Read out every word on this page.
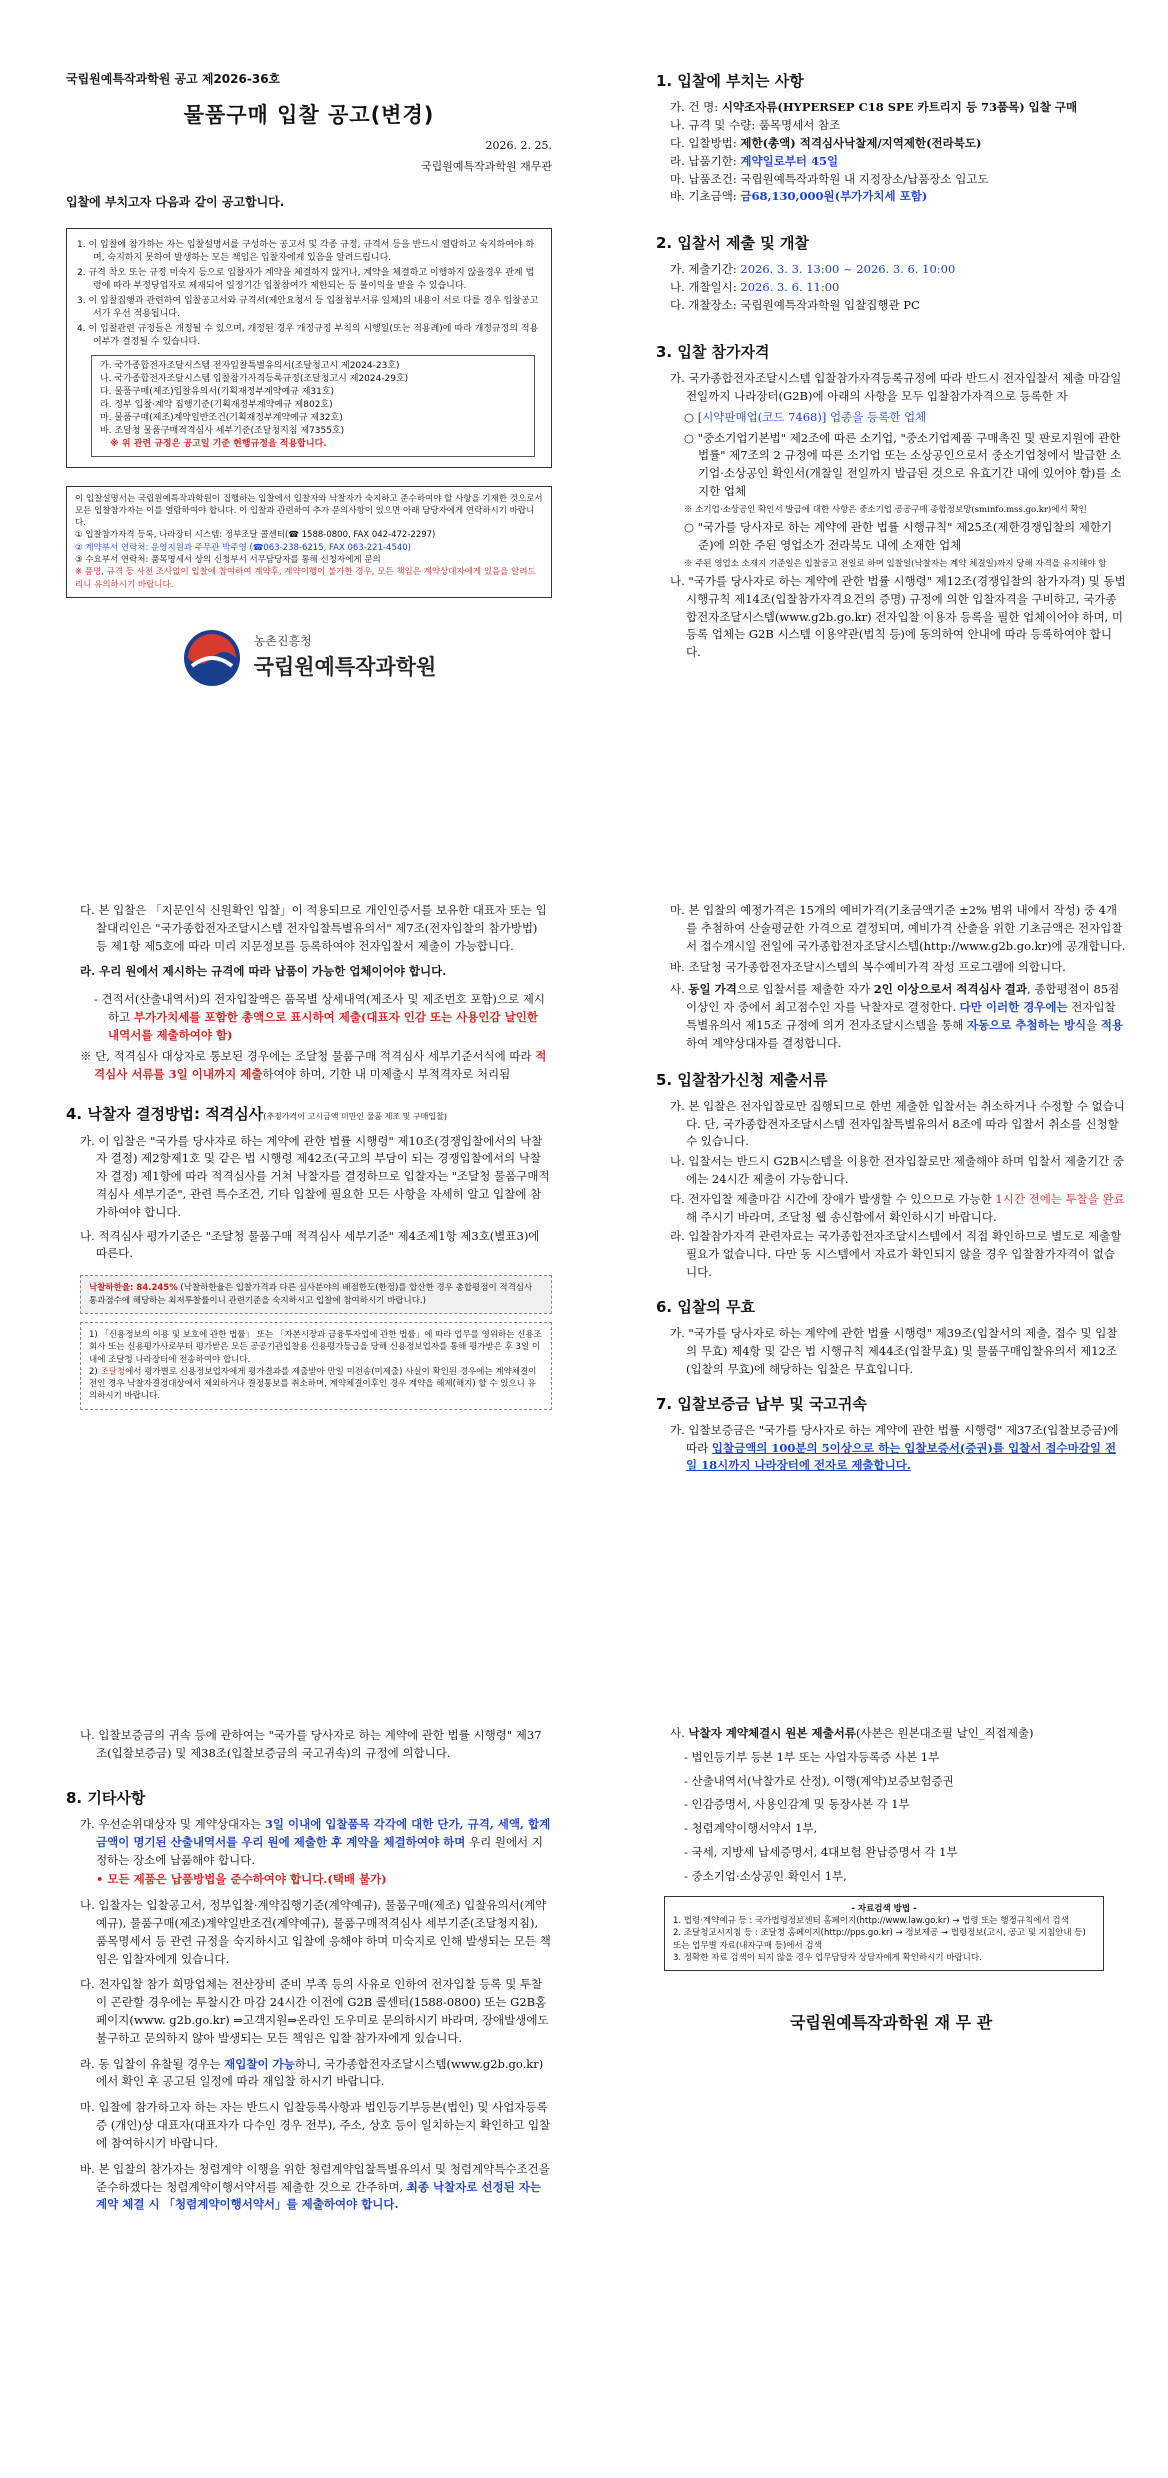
국립원예특작과학원 공고 제2026-36호

물품구매 입찰 공고(변경)

2026. 2. 25.

국립원예특작과학원 재무관

입찰에 부치고자 다음과 같이 공고합니다.

1. 이 입찰에 참가하는 자는 입찰설명서를 구성하는 공고서 및 각종 규정, 규격서 등을 반드시 열람하고 숙지하여야 하며, 숙지하지 못하여 발생하는 모든 책임은 입찰자에게 있음을 알려드립니다.

2. 규격 착오 또는 규정 미숙지 등으로 입찰자가 계약을 체결하지 않거나, 계약을 체결하고 이행하지 않을경우 관계 법령에 따라 부정당업자로 제재되어 일정기간 입찰참여가 제한되는 등 불이익을 받을 수 있습니다.

3. 이 입찰집행과 관련하여 입찰공고서와 규격서(제안요청서 등 입찰첨부서류 일체)의 내용이 서로 다를 경우 입찰공고서가 우선 적용됩니다.

4. 이 입찰관련 규정들은 개정될 수 있으며, 개정된 경우 개정규정 부칙의 시행일(또는 적용례)에 따라 개정규정의 적용 여부가 결정될 수 있습니다.

가. 국가종합전자조달시스템 전자입찰특별유의서(조달청고시 제2024-23호)

나. 국가종합전자조달시스템 입찰참가자격등록규정(조달청고시 제2024-29호)

다. 물품구매(제조)입찰유의서(기획재정부계약예규 제31호)

라. 정부 입찰·계약 집행기준(기획재정부계약예규 제802호)

마. 물품구매(제조)계약일반조건(기획재정부계약예규 제32호)

바. 조달청 물품구매적격심사 세부기준(조달청지침 제7355호)

※ 위 관련 규정은 공고일 기준 현행규정을 적용합니다.

이 입찰설명서는 국립원예특작과학원이 집행하는 입찰에서 입찰자와 낙찰자가 숙지하고 준수하여야 할 사항을 기재한 것으로서 모든 입찰참가자는 이를 열람하여야 합니다. 이 입찰과 관련하여 추가 문의사항이 있으면 아래 담당자에게 연락하시기 바랍니다.

① 입찰참가자격 등록, 나라장터 시스템: 정부조달 콜센터(☎ 1588-0800, FAX 042-472-2297)

② 계약부서 연락처: 운영지원과 주무관 박주영 (☎063-238-6215, FAX 063-221-4540)

③ 수요부서 연락처: 품목명세서 상의 신청부서 서무담당자를 통해 신청자에게 문의

※ 품명, 규격 등 사전 조사없이 입찰에 참여하여 계약후, 계약이행이 불가한 경우, 모든 책임은 계약상대자에게 있음을 알려드리니 유의하시기 바랍니다.

농촌진흥청

국립원예특작과학원

1. 입찰에 부치는 사항

가. 건 명: 시약조자류(HYPERSEP C18 SPE 카트리지 등 73품목) 입찰 구매

나. 규격 및 수량: 품목명세서 참조

다. 입찰방법: 제한(총액) 적격심사낙찰제/지역제한(전라북도)

라. 납품기한: 계약일로부터 45일

마. 납품조건: 국립원예특작과학원 내 지정장소/납품장소 입고도

바. 기초금액: 금68,130,000원(부가가치세 포함)

2. 입찰서 제출 및 개찰

가. 제출기간: 2026. 3. 3. 13:00 ~ 2026. 3. 6. 10:00

나. 개찰일시: 2026. 3. 6. 11:00

다. 개찰장소: 국립원예특작과학원 입찰집행관 PC

3. 입찰 참가자격

가. 국가종합전자조달시스템 입찰참가자격등록규정에 따라 반드시 전자입찰서 제출 마감일 전일까지 나라장터(G2B)에 아래의 사항을 모두 입찰참가자격으로 등록한 자

○ [시약판매업(코드 7468)] 업종을 등록한 업체

○ "중소기업기본법" 제2조에 따른 소기업, "중소기업제품 구매촉진 및 판로지원에 관한 법률" 제7조의 2 규정에 따른 소기업 또는 소상공인으로서 중소기업청에서 발급한 소기업·소상공인 확인서(개찰일 전일까지 발급된 것으로 유효기간 내에 있어야 함)를 소지한 업체

※ 소기업·소상공인 확인서 발급에 대한 사항은 중소기업 공공구매 종합정보망(sminfo.mss.go.kr)에서 확인

○ "국가를 당사자로 하는 계약에 관한 법률 시행규칙" 제25조(제한경쟁입찰의 제한기준)에 의한 주된 영업소가 전라북도 내에 소재한 업체

※ 주된 영업소 소재지 기준일은 입찰공고 전일로 하며 입찰일(낙찰자는 계약 체결일)까지 당해 자격을 유지해야 함

나. "국가를 당사자로 하는 계약에 관한 법률 시행령" 제12조(경쟁입찰의 참가자격) 및 동법 시행규칙 제14조(입찰참가자격요건의 증명) 규정에 의한 입찰자격을 구비하고, 국가종합전자조달시스템(www.g2b.go.kr) 전자입찰 이용자 등록을 필한 업체이어야 하며, 미등록 업체는 G2B 시스템 이용약관(법칙 등)에 동의하여 안내에 따라 등록하여야 합니다.

다. 본 입찰은 「지문인식 신원확인 입찰」이 적용되므로 개인인증서를 보유한 대표자 또는 입찰대리인은 "국가종합전자조달시스템 전자입찰특별유의서" 제7조(전자입찰의 참가방법) 등 제1항 제5호에 따라 미리 지문정보를 등록하여야 전자입찰서 제출이 가능합니다.

라. 우리 원에서 제시하는 규격에 따라 납품이 가능한 업체이어야 합니다.

- 견적서(산출내역서)의 전자입찰액은 품목별 상세내역(제조사 및 제조번호 포함)으로 제시하고 부가가치세를 포함한 총액으로 표시하여 제출(대표자 인감 또는 사용인감 날인한 내역서를 제출하여야 함)

※ 단, 적격심사 대상자로 통보된 경우에는 조달청 물품구매 적격심사 세부기준서식에 따라 적격심사 서류를 3일 이내까지 제출하여야 하며, 기한 내 미제출시 부적격자로 처리됨

4. 낙찰자 결정방법: 적격심사(추정가격이 고시금액 미만인 물품 제조 및 구매입찰)

가. 이 입찰은 "국가를 당사자로 하는 계약에 관한 법률 시행령" 제10조(경쟁입찰에서의 낙찰자 결정) 제2항제1호 및 같은 법 시행령 제42조(국고의 부담이 되는 경쟁입찰에서의 낙찰자 결정) 제1항에 따라 적격심사를 거쳐 낙찰자를 결정하므로 입찰자는 "조달청 물품구매적격심사 세부기준", 관련 특수조건, 기타 입찰에 필요한 모든 사항을 자세히 알고 입찰에 참가하여야 합니다.

나. 적격심사 평가기준은 "조달청 물품구매 적격심사 세부기준" 제4조제1항 제3호(별표3)에 따른다.

낙찰하한율: 84.245% (낙찰하한율은 입찰가격과 다른 심사분야의 배점한도(한정)를 합산한 경우 총합평점이 적격심사 통과점수에 해당하는 최저투찰률이니 관련기준을 숙지하시고 입찰에 참여하시기 바랍니다.)

1) 「신용정보의 이용 및 보호에 관한 법률」 또는 「자본시장과 금융투자업에 관한 법률」에 따라 업무를 영위하는 신용조회사 또는 신용평가사로부터 평가받은 모든 공공기관입찰용 신용평가등급을 당해 신용정보업자를 통해 평가받은 후 3일 이내에 조달청 나라장터에 전송하여야 합니다.

2) 조달청에서 평가별로 신용정보업자에게 평가결과를 제출받아 만일 미전송(미제출) 사실이 확인된 경우에는 계약체결이전인 경우 낙찰자결정대상에서 제외하거나 결정통보를 취소하며, 계약체결이후인 경우 계약을 해제(해지) 할 수 있으니 유의하시기 바랍니다.

마. 본 입찰의 예정가격은 15개의 예비가격(기초금액기준 ±2% 범위 내에서 작성) 중 4개를 추첨하여 산술평균한 가격으로 결정되며, 예비가격 산출을 위한 기초금액은 전자입찰서 접수개시일 전일에 국가종합전자조달시스템(http://www.g2b.go.kr)에 공개합니다.

바. 조달청 국가종합전자조달시스템의 복수예비가격 작성 프로그램에 의합니다.

사. 동일 가격으로 입찰서를 제출한 자가 2인 이상으로서 적격심사 결과, 종합평점이 85점 이상인 자 중에서 최고점수인 자를 낙찰자로 결정한다. 다만 이러한 경우에는 전자입찰특별유의서 제15조 규정에 의거 전자조달시스템을 통해 자동으로 추첨하는 방식을 적용하여 계약상대자를 결정합니다.

5. 입찰참가신청 제출서류

가. 본 입찰은 전자입찰로만 집행되므로 한번 제출한 입찰서는 취소하거나 수정할 수 없습니다. 단, 국가종합전자조달시스템 전자입찰특별유의서 8조에 따라 입찰서 취소를 신청할 수 있습니다.

나. 입찰서는 반드시 G2B시스템을 이용한 전자입찰로만 제출해야 하며 입찰서 제출기간 중에는 24시간 제출이 가능합니다.

다. 전자입찰 제출마감 시간에 장애가 발생할 수 있으므로 가능한 1시간 전에는 투찰을 완료해 주시기 바라며, 조달청 웹 송신함에서 확인하시기 바랍니다.

라. 입찰참가자격 관련자료는 국가종합전자조달시스템에서 직접 확인하므로 별도로 제출할 필요가 없습니다. 다만 동 시스템에서 자료가 확인되지 않을 경우 입찰참가자격이 없습니다.

6. 입찰의 무효

가. "국가를 당사자로 하는 계약에 관한 법률 시행령" 제39조(입찰서의 제출, 접수 및 입찰의 무효) 제4항 및 같은 법 시행규칙 제44조(입찰무효) 및 물품구매입찰유의서 제12조(입찰의 무효)에 해당하는 입찰은 무효입니다.

7. 입찰보증금 납부 및 국고귀속

가. 입찰보증금은 "국가를 당사자로 하는 계약에 관한 법률 시행령" 제37조(입찰보증금)에 따라 입찰금액의 100분의 5이상으로 하는 입찰보증서(증권)를 입찰서 접수마감일 전일 18시까지 나라장터에 전자로 제출합니다.

나. 입찰보증금의 귀속 등에 관하여는 "국가를 당사자로 하는 계약에 관한 법률 시행령" 제37조(입찰보증금) 및 제38조(입찰보증금의 국고귀속)의 규정에 의합니다.

8. 기타사항

가. 우선순위대상자 및 계약상대자는 3일 이내에 입찰품목 각각에 대한 단가, 규격, 세액, 합계금액이 명기된 산출내역서를 우리 원에 제출한 후 계약을 체결하여야 하며 우리 원에서 지정하는 장소에 납품해야 합니다.

• 모든 제품은 납품방법을 준수하여야 합니다.(택배 불가)

나. 입찰자는 입찰공고서, 정부입찰·계약집행기준(계약예규), 물품구매(제조) 입찰유의서(계약예규), 물품구매(제조)계약일반조건(계약예규), 물품구매적격심사 세부기준(조달청지침), 품목명세서 등 관련 규정을 숙지하시고 입찰에 응해야 하며 미숙지로 인해 발생되는 모든 책임은 입찰자에게 있습니다.

다. 전자입찰 참가 희망업체는 전산장비 준비 부족 등의 사유로 인하여 전자입찰 등록 및 투찰이 곤란할 경우에는 투찰시간 마감 24시간 이전에 G2B 콜센터(1588-0800) 또는 G2B홈페이지(www. g2b.go.kr) ⇒고객지원⇒온라인 도우미로 문의하시기 바라며, 장애발생에도 불구하고 문의하지 않아 발생되는 모든 책임은 입찰 참가자에게 있습니다.

라. 동 입찰이 유찰될 경우는 재입찰이 가능하니, 국가종합전자조달시스템(www.g2b.go.kr)에서 확인 후 공고된 일정에 따라 재입찰 하시기 바랍니다.

마. 입찰에 참가하고자 하는 자는 반드시 입찰등록사항과 법인등기부등본(법인) 및 사업자등록증 (개인)상 대표자(대표자가 다수인 경우 전부), 주소, 상호 등이 일치하는지 확인하고 입찰에 참여하시기 바랍니다.

바. 본 입찰의 참가자는 청렴계약 이행을 위한 청렴계약입찰특별유의서 및 청렴계약특수조건을 준수하겠다는 청렴계약이행서약서를 제출한 것으로 간주하며, 최종 낙찰자로 선정된 자는 계약 체결 시 「청렴계약이행서약서」를 제출하여야 합니다.

사. 낙찰자 계약체결시 원본 제출서류(사본은 원본대조필 날인_직접제출)

- 법인등기부 등본 1부 또는 사업자등록증 사본 1부

- 산출내역서(낙찰가로 산정), 이행(계약)보증보험증권

- 인감증명서, 사용인감계 및 동장사본 각 1부

- 청렴계약이행서약서 1부,

- 국세, 지방세 납세증명서, 4대보험 완납증명서 각 1부

- 중소기업·소상공인 확인서 1부,

- 자료검색 방법 -

1. 법령·계약예규 등 : 국가법령정보센터 홈페이지(http://www.law.go.kr) → 법령 또는 행정규칙에서 검색

2. 조달청고시지침 등 : 조달청 홈페이지(http://pps.go.kr) → 정보제공 → 법령정보(고시, 공고 및 지침안내 등) 또는 업무별 자료(내자구매 등)에서 검색

3. 정확한 자료 검색이 되지 않을 경우 업무담당자 상담자에게 확인하시기 바랍니다.

국립원예특작과학원 재 무 관
